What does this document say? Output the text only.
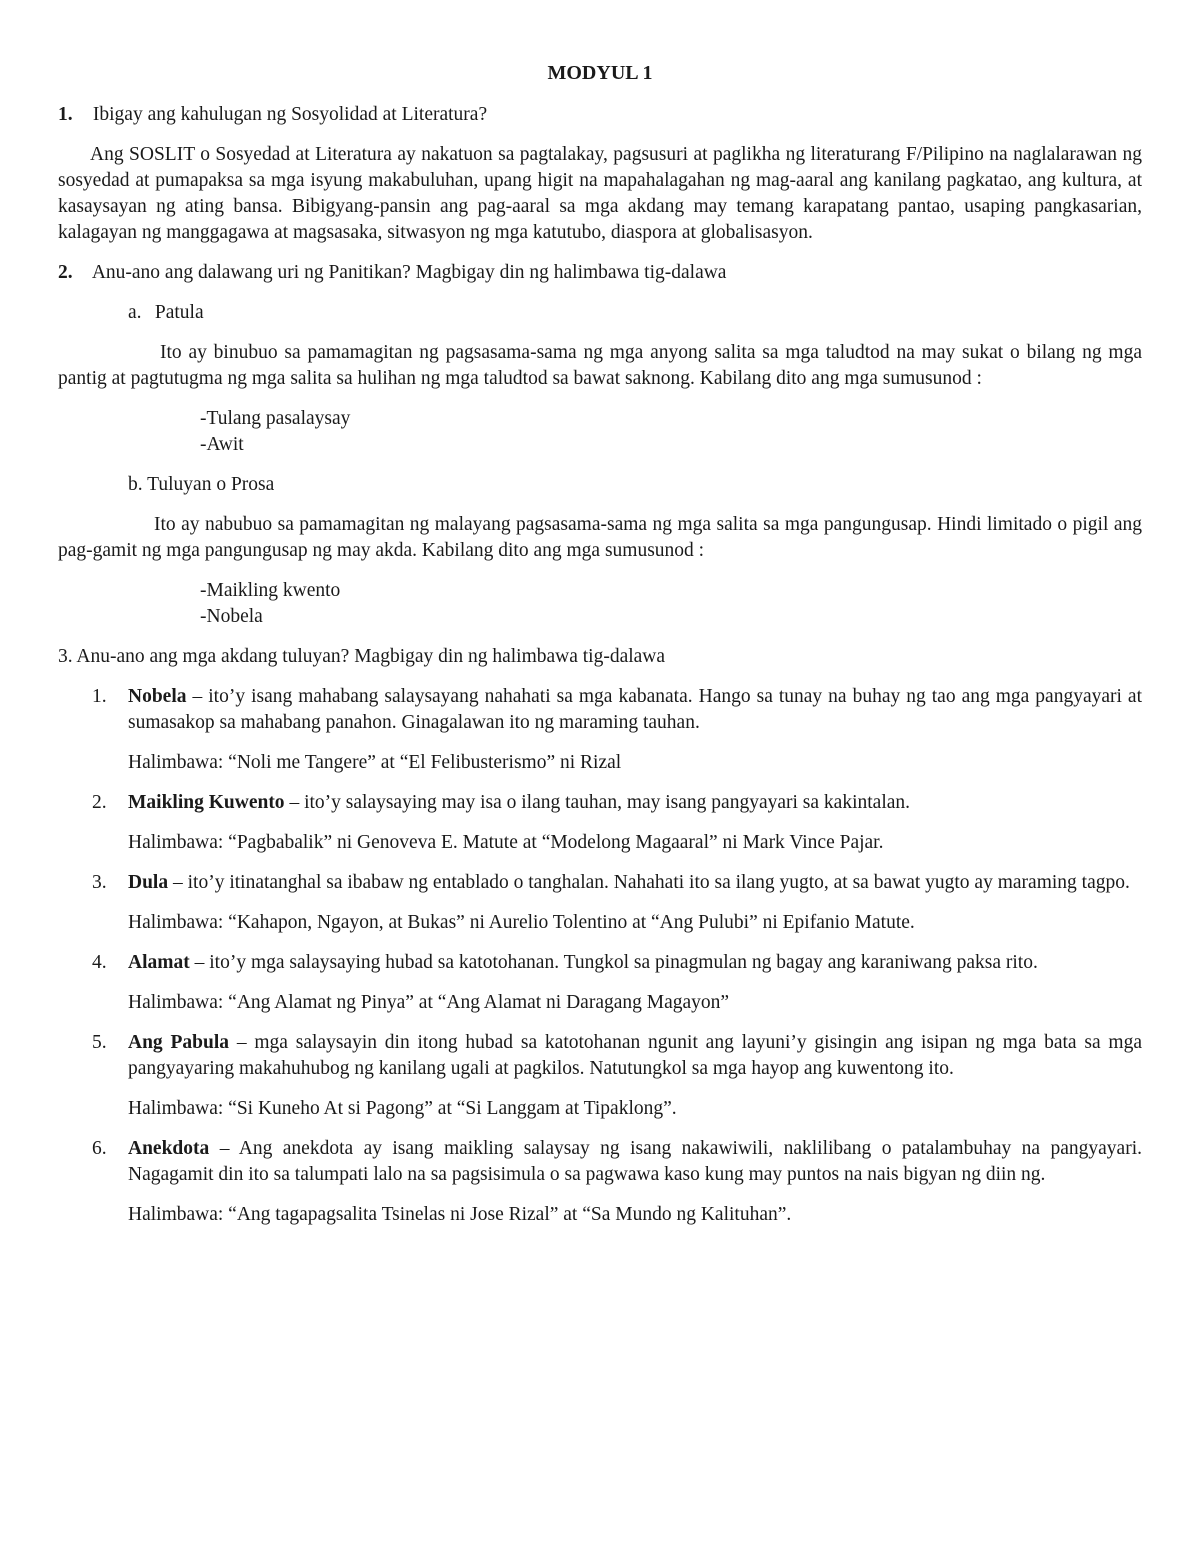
MODYUL 1
1. Ibigay ang kahulugan ng Sosyolidad at Literatura?

Ang SOSLIT o Sosyedad at Literatura ay nakatuon sa pagtalakay, pagsusuri at paglikha ng literaturang F/Pilipino na naglalarawan ng sosyedad at pumapaksa sa mga isyung makabuluhan, upang higit na mapahalagahan ng mag-aaral ang kanilang pagkatao, ang kultura, at kasaysayan ng ating bansa. Bibigyang-pansin ang pag-aaral sa mga akdang may temang karapatang pantao, usaping pangkasarian, kalagayan ng manggagawa at magsasaka, sitwasyon ng mga katutubo, diaspora at globalisasyon.

2. Anu-ano ang dalawang uri ng Panitikan? Magbigay din ng halimbawa tig-dalawa
a. Patula

Ito ay binubuo sa pamamagitan ng pagsasama-sama ng mga anyong salita sa mga taludtod na may sukat o bilang ng mga pantig at pagtutugma ng mga salita sa hulihan ng mga taludtod sa bawat saknong. Kabilang dito ang mga sumusunod :

-Tulang pasalaysay
-Awit
b. Tuluyan o Prosa

Ito ay nabubuo sa pamamagitan ng malayang pagsasama-sama ng mga salita sa mga pangungusap. Hindi limitado o pigil ang pag-gamit ng mga pangungusap ng may akda. Kabilang dito ang mga sumusunod :

-Maikling kwento
-Nobela
3. Anu-ano ang mga akdang tuluyan? Magbigay din ng halimbawa tig-dalawa
1. Nobela – ito’y isang mahabang salaysayang nahahati sa mga kabanata. Hango sa tunay na buhay ng tao ang mga pangyayari at sumasakop sa mahabang panahon. Ginagalawan ito ng maraming tauhan.

Halimbawa: “Noli me Tangere” at “El Felibusterismo” ni Rizal

2. Maikling Kuwento – ito’y salaysaying may isa o ilang tauhan, may isang pangyayari sa kakintalan.

Halimbawa: “Pagbabalik” ni Genoveva E. Matute at “Modelong Magaaral” ni Mark Vince Pajar.

3. Dula – ito’y itinatanghal sa ibabaw ng entablado o tanghalan. Nahahati ito sa ilang yugto, at sa bawat yugto ay maraming tagpo.

Halimbawa: “Kahapon, Ngayon, at Bukas” ni Aurelio Tolentino at “Ang Pulubi” ni Epifanio Matute.

4. Alamat – ito’y mga salaysaying hubad sa katotohanan. Tungkol sa pinagmulan ng bagay ang karaniwang paksa rito.

Halimbawa: “Ang Alamat ng Pinya” at “Ang Alamat ni Daragang Magayon”

5. Ang Pabula – mga salaysayin din itong hubad sa katotohanan ngunit ang layuni’y gisingin ang isipan ng mga bata sa mga pangyayaring makahuhubog ng kanilang ugali at pagkilos. Natutungkol sa mga hayop ang kuwentong ito.

Halimbawa: “Si Kuneho At si Pagong” at “Si Langgam at Tipaklong”.

6. Anekdota – Ang anekdota ay isang maikling salaysay ng isang nakawiwili, naklilibang o patalambuhay na pangyayari. Nagagamit din ito sa talumpati lalo na sa pagsisimula o sa pagwawa kaso kung may puntos na nais bigyan ng diin ng.

Halimbawa: “Ang tagapagsalita Tsinelas ni Jose Rizal” at “Sa Mundo ng Kalituhan”.
